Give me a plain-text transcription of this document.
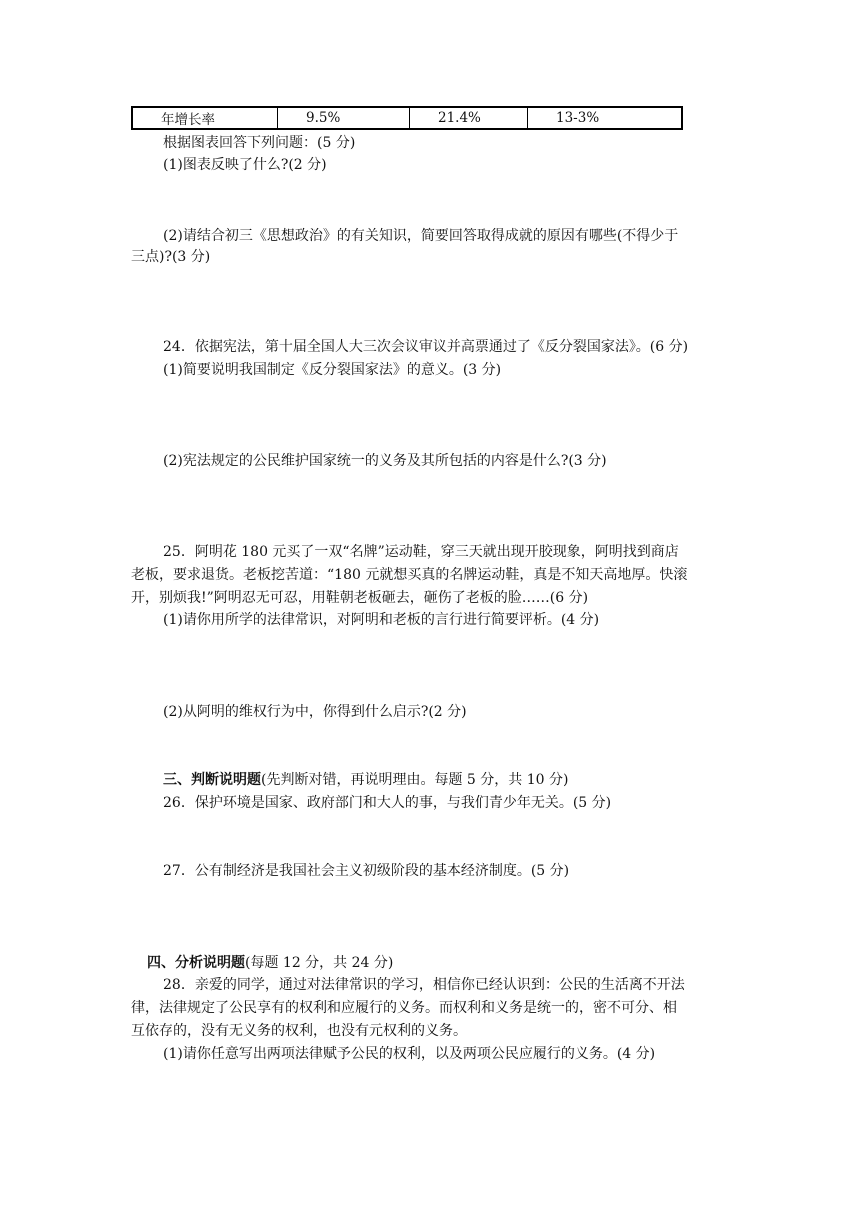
年增长率	9.5%	21.4%	13-3%
根据图表回答下列问题：(5 分)
(1)图表反映了什么?(2 分)
(2)请结合初三《思想政治》的有关知识，简要回答取得成就的原因有哪些(不得少于
三点)?(3 分)
24．依据宪法，第十届全国人大三次会议审议并高票通过了《反分裂国家法》。(6 分)
(1)简要说明我国制定《反分裂国家法》的意义。(3 分)
(2)宪法规定的公民维护国家统一的义务及其所包括的内容是什么?(3 分)
25．阿明花 180 元买了一双“名牌”运动鞋，穿三天就出现开胶现象，阿明找到商店
老板，要求退货。老板挖苦道：“180 元就想买真的名牌运动鞋，真是不知天高地厚。快滚
开，别烦我!”阿明忍无可忍，用鞋朝老板砸去，砸伤了老板的脸……(6 分)
(1)请你用所学的法律常识，对阿明和老板的言行进行简要评析。(4 分)
(2)从阿明的维权行为中，你得到什么启示?(2 分)
三、判断说明题(先判断对错，再说明理由。每题 5 分，共 10 分)
26．保护环境是国家、政府部门和大人的事，与我们青少年无关。(5 分)
27．公有制经济是我国社会主义初级阶段的基本经济制度。(5 分)
四、分析说明题(每题 12 分，共 24 分)
28．亲爱的同学，通过对法律常识的学习，相信你已经认识到：公民的生活离不开法
律，法律规定了公民享有的权利和应履行的义务。而权利和义务是统一的，密不可分、相
互依存的，没有无义务的权利，也没有元权利的义务。
(1)请你任意写出两项法律赋予公民的权利，以及两项公民应履行的义务。(4 分)
